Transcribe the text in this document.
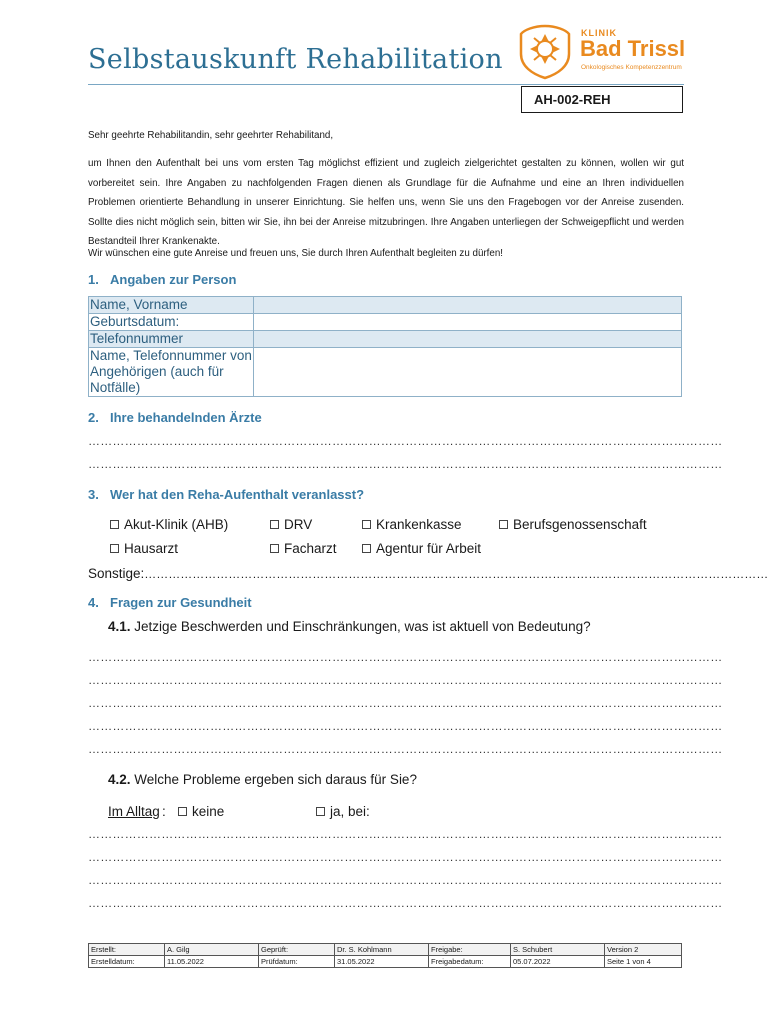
Selbstauskunft Rehabilitation
KLINIK
Bad Trissl
Onkologisches Kompetenzzentrum
AH-002-REH
Sehr geehrte Rehabilitandin, sehr geehrter Rehabilitand,
um Ihnen den Aufenthalt bei uns vom ersten Tag möglichst effizient und zugleich zielgerichtet gestalten zu können, wollen wir gut vorbereitet sein. Ihre Angaben zu nachfolgenden Fragen dienen als Grundlage für die Aufnahme und eine an Ihren individuellen Problemen orientierte Behandlung in unserer Einrichtung. Sie helfen uns, wenn Sie uns den Fragebogen vor der Anreise zusenden. Sollte dies nicht möglich sein, bitten wir Sie, ihn bei der Anreise mitzubringen. Ihre Angaben unterliegen der Schweigepflicht und werden Bestandteil Ihrer Krankenakte.
Wir wünschen eine gute Anreise und freuen uns, Sie durch Ihren Aufenthalt begleiten zu dürfen!
1. Angaben zur Person
Name, Vorname	
Geburtsdatum:	
Telefonnummer	
Name, Telefonnummer von Angehörigen (auch für Notfälle)	
2. Ihre behandelnden Ärzte
…………………………………………………………………………………………………………………………………………
…………………………………………………………………………………………………………………………………………
3. Wer hat den Reha-Aufenthalt veranlasst?
Akut-Klinik (AHB)	DRV	Krankenkasse	Berufsgenossenschaft
Hausarzt	Facharzt	Agentur für Arbeit
Sonstige:…………………………………………………………………………………………………………………………………………
4. Fragen zur Gesundheit
4.1. Jetzige Beschwerden und Einschränkungen, was ist aktuell von Bedeutung?
…………………………………………………………………………………………………………………………………………
…………………………………………………………………………………………………………………………………………
…………………………………………………………………………………………………………………………………………
…………………………………………………………………………………………………………………………………………
…………………………………………………………………………………………………………………………………………
4.2. Welche Probleme ergeben sich daraus für Sie?
Im Alltag :	keine	ja, bei:
…………………………………………………………………………………………………………………………………………
…………………………………………………………………………………………………………………………………………
…………………………………………………………………………………………………………………………………………
…………………………………………………………………………………………………………………………………………
Erstellt:	A. Gilg	Geprüft:	Dr. S. Kohlmann	Freigabe:	S. Schubert	Version 2
Erstelldatum:	11.05.2022	Prüfdatum:	31.05.2022	Freigabedatum:	05.07.2022	Seite 1 von 4
